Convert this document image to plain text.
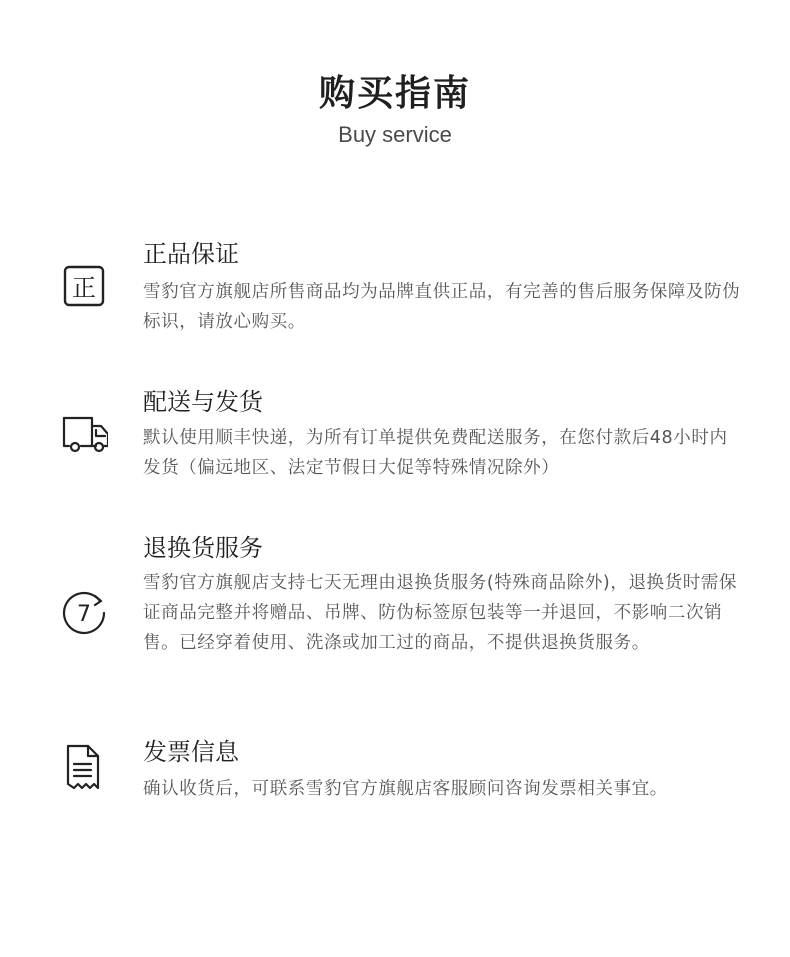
购买指南
Buy service
正
正品保证
雪豹官方旗舰店所售商品均为品牌直供正品，有完善的售后服务保障及防伪标识，请放心购买。
配送与发货
默认使用顺丰快递，为所有订单提供免费配送服务，在您付款后48小时内发货（偏远地区、法定节假日大促等特殊情况除外）
7
退换货服务
雪豹官方旗舰店支持七天无理由退换货服务(特殊商品除外)，退换货时需保证商品完整并将赠品、吊牌、防伪标签原包装等一并退回，不影响二次销售。已经穿着使用、洗涤或加工过的商品，不提供退换货服务。
发票信息
确认收货后，可联系雪豹官方旗舰店客服顾问咨询发票相关事宜。
